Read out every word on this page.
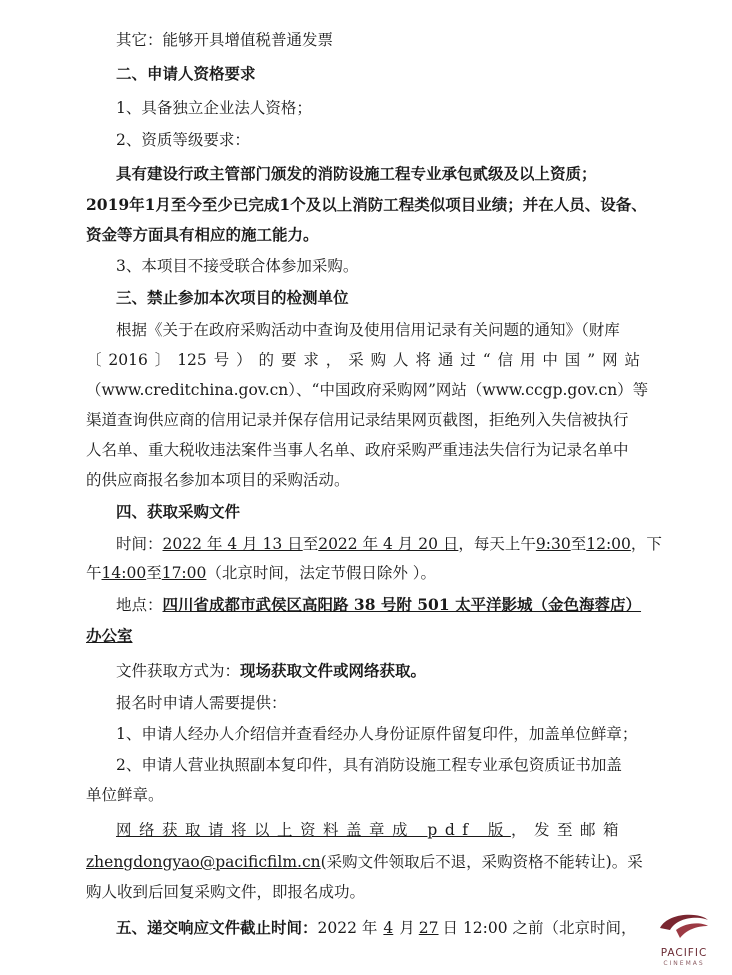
其它：能够开具增值税普通发票
二、申请人资格要求
1、具备独立企业法人资格；
2、资质等级要求：
具有建设行政主管部门颁发的消防设施工程专业承包贰级及以上资质；
2019年1月至今至少已完成1个及以上消防工程类似项目业绩；并在人员、设备、
资金等方面具有相应的施工能力。
3、本项目不接受联合体参加采购。
三、禁止参加本次项目的检测单位
根据《关于在政府采购活动中查询及使用信用记录有关问题的通知》（财库
〔2016〕125号）的要求，采购人将通过“信用中国”网站
（www.creditchina.gov.cn）、“中国政府采购网”网站（www.ccgp.gov.cn）等
渠道查询供应商的信用记录并保存信用记录结果网页截图，拒绝列入失信被执行
人名单、重大税收违法案件当事人名单、政府采购严重违法失信行为记录名单中
的供应商报名参加本项目的采购活动。
四、获取采购文件
时间：2022 年 4 月 13 日至2022 年 4 月 20 日，每天上午9:30至12:00，下
午14:00至17:00（北京时间，法定节假日除外 ）。
地点：四川省成都市武侯区高阳路 38 号附 501 太平洋影城（金色海蓉店）
办公室
文件获取方式为：现场获取文件或网络获取。
报名时申请人需要提供：
1、申请人经办人介绍信并查看经办人身份证原件留复印件，加盖单位鲜章；
2、申请人营业执照副本复印件，具有消防设施工程专业承包资质证书加盖
单位鲜章。
网络获取请将以上资料盖章成 pdf 版，发至邮箱
zhengdongyao@pacificfilm.cn(采购文件领取后不退，采购资格不能转让)。采
购人收到后回复采购文件，即报名成功。
五、递交响应文件截止时间：2022 年 4 月 27 日 12:00 之前（北京时间，
PACIFIC
CINEMAS
